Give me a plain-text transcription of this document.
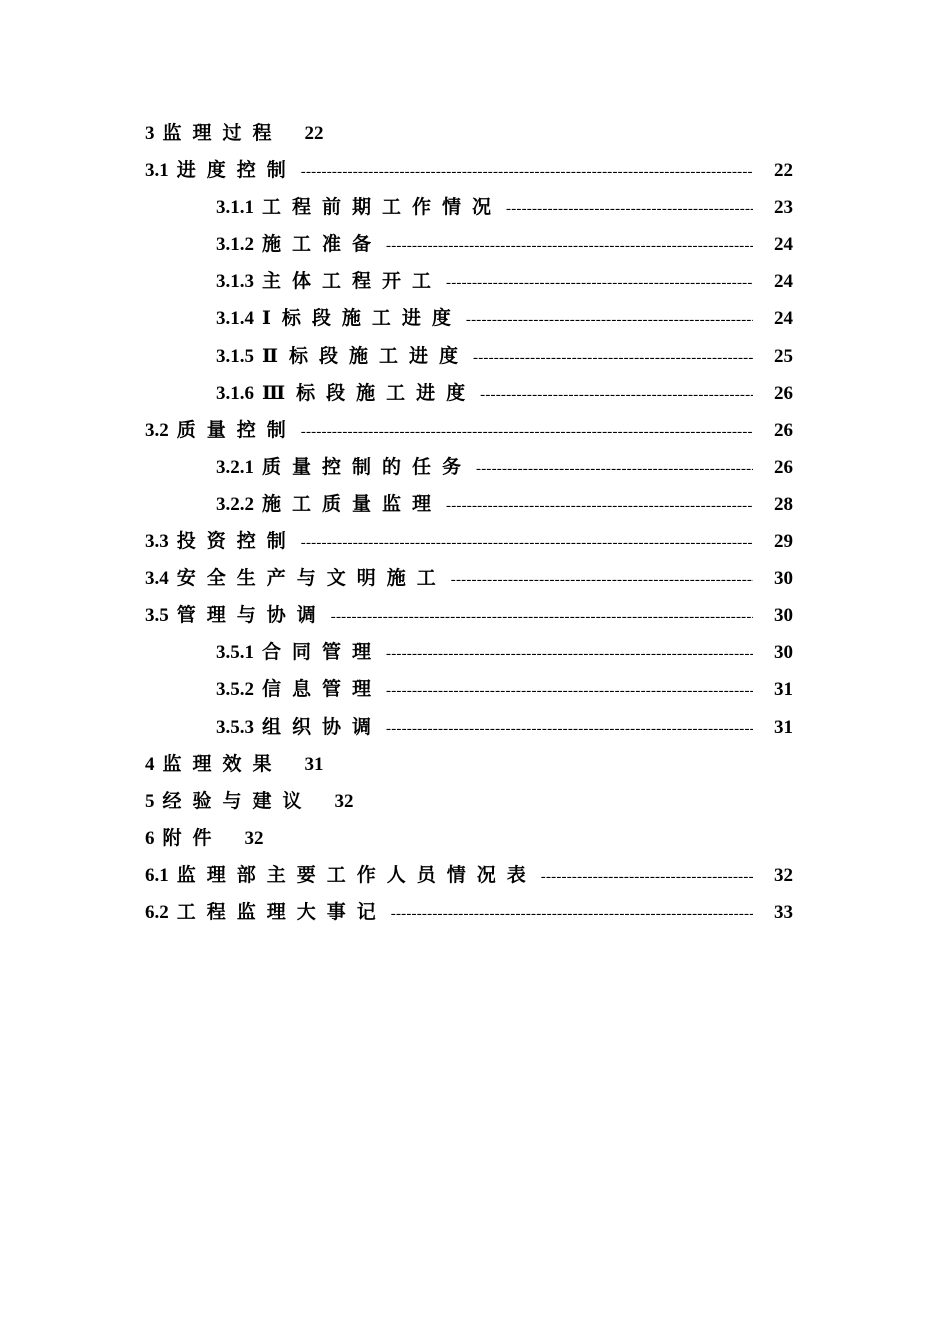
3 监理过程 22
3.1 进度控制 -----	22
3.1.1 工程前期工作情况 -----	23
3.1.2 施工准备 -----	24
3.1.3 主体工程开工 -----	24
3.1.4 Ⅰ标段施工进度 -----	24
3.1.5 Ⅱ标段施工进度 -----	25
3.1.6 Ⅲ标段施工进度 -----	26
3.2 质量控制 -----	26
3.2.1 质量控制的任务 -----	26
3.2.2 施工质量监理 -----	28
3.3 投资控制 -----	29
3.4 安全生产与文明施工 -----	30
3.5 管理与协调 -----	30
3.5.1 合同管理 -----	30
3.5.2 信息管理 -----	31
3.5.3 组织协调 -----	31
4 监理效果 31
5 经验与建议 32
6 附件 32
6.1 监理部主要工作人员情况表 -----	32
6.2 工程监理大事记 -----	33
